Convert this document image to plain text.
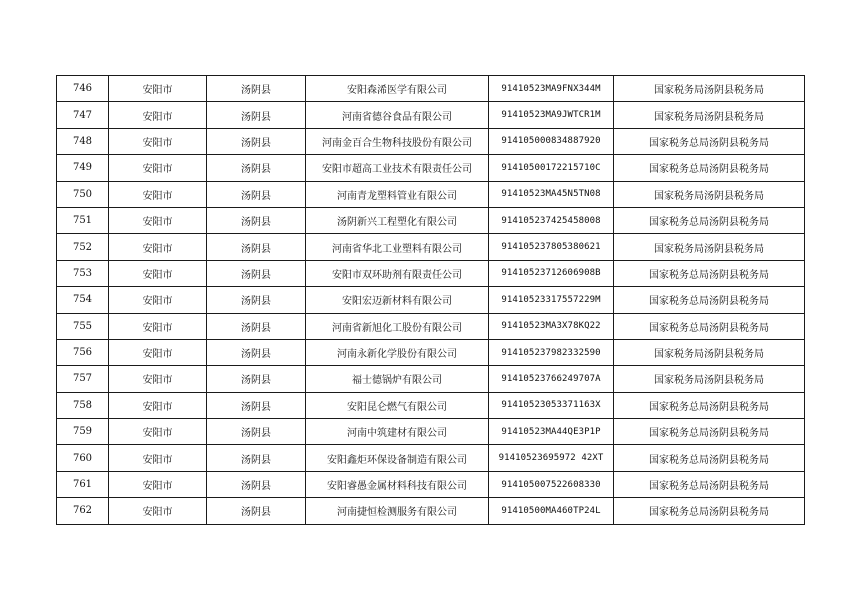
746	安阳市	汤阴县	安阳森浠医学有限公司	91410523MA9FNX344M	国家税务局汤阴县税务局
747	安阳市	汤阴县	河南省德谷食品有限公司	91410523MA9JWTCR1M	国家税务局汤阴县税务局
748	安阳市	汤阴县	河南金百合生物科技股份有限公司	914105000834887920	国家税务总局汤阴县税务局
749	安阳市	汤阴县	安阳市超高工业技术有限责任公司	91410500172215710C	国家税务总局汤阴县税务局
750	安阳市	汤阴县	河南青龙塑料管业有限公司	91410523MA45N5TN08	国家税务局汤阴县税务局
751	安阳市	汤阴县	汤阴新兴工程塑化有限公司	914105237425458008	国家税务总局汤阴县税务局
752	安阳市	汤阴县	河南省华北工业塑料有限公司	914105237805380621	国家税务局汤阴县税务局
753	安阳市	汤阴县	安阳市双环助剂有限责任公司	91410523712606908B	国家税务总局汤阴县税务局
754	安阳市	汤阴县	安阳宏迈新材料有限公司	91410523317557229M	国家税务总局汤阴县税务局
755	安阳市	汤阴县	河南省新旭化工股份有限公司	91410523MA3X78KQ22	国家税务总局汤阴县税务局
756	安阳市	汤阴县	河南永新化学股份有限公司	914105237982332590	国家税务局汤阴县税务局
757	安阳市	汤阴县	福士德锅炉有限公司	91410523766249707A	国家税务局汤阴县税务局
758	安阳市	汤阴县	安阳昆仑燃气有限公司	91410523053371163X	国家税务总局汤阴县税务局
759	安阳市	汤阴县	河南中筑建材有限公司	91410523MA44QE3P1P	国家税务总局汤阴县税务局
760	安阳市	汤阴县	安阳鑫炬环保设备制造有限公司	91410523695972 42XT	国家税务总局汤阴县税务局
761	安阳市	汤阴县	安阳睿愚金属材料科技有限公司	914105007522608330	国家税务总局汤阴县税务局
762	安阳市	汤阴县	河南捷恒检测服务有限公司	91410500MA460TP24L	国家税务总局汤阴县税务局
